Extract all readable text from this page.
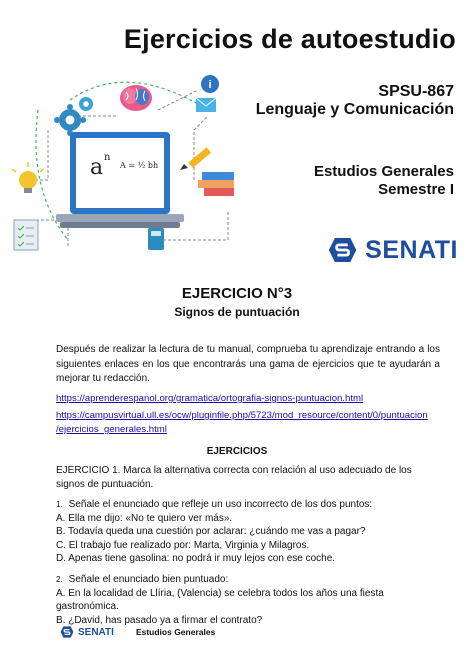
i
a n
A = ½ bh
Ejercicios de autoestudio
SPSU-867
Lenguaje y Comunicación
Estudios Generales
Semestre I
SENATI
EJERCICIO N°3
Signos de puntuación
Después de realizar la lectura de tu manual, comprueba tu aprendizaje entrando a los siguientes enlaces en los que encontrarás una gama de ejercicios que te ayudarán a mejorar tu redacción.
https://aprenderespanol.org/gramatica/ortografia-signos-puntuacion.html
https://campusvirtual.ull.es/ocw/pluginfile.php/5723/mod_resource/content/0/puntuacion
/ejercicios_generales.html
EJERCICIOS
EJERCICIO 1. Marca la alternativa correcta con relación al uso adecuado de los signos de puntuación.
1. Señale el enunciado que refleje un uso incorrecto de los dos puntos:
A. Ella me dijo: «No te quiero ver más».
B. Todavía queda una cuestión por aclarar: ¿cuándo me vas a pagar?
C. El trabajo fue realizado por: Marta, Virginia y Milagros.
D. Apenas tiene gasolina: no podrá ir muy lejos con ese coche.
2. Señale el enunciado bien puntuado:
A. En la localidad de Llíria, (Valencia) se celebra todos los años una fiesta gastronómica.
B. ¿David, has pasado ya a firmar el contrato?
SENATI	Estudios Generales
